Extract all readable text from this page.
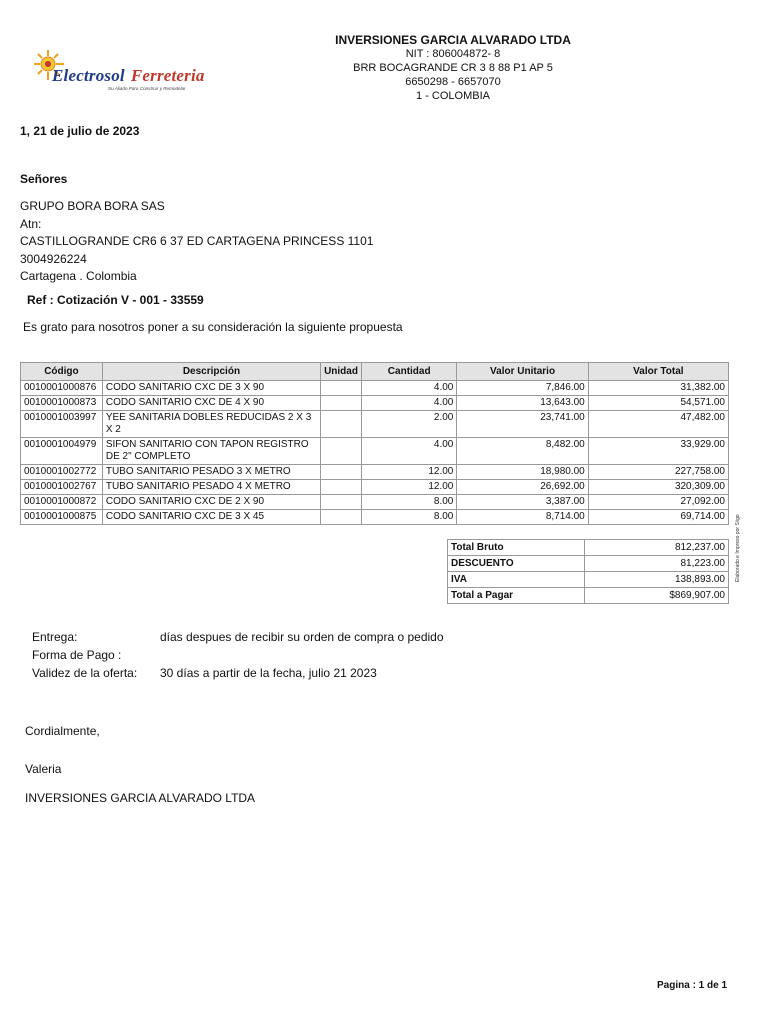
Electrosol Ferreteria
Su Aliado Para Construir y Remodelar
INVERSIONES GARCIA ALVARADO LTDA
NIT : 806004872- 8
BRR BOCAGRANDE CR 3 8 88 P1 AP 5
6650298 - 6657070
1 - COLOMBIA
1, 21 de julio de 2023
Señores
GRUPO BORA BORA SAS
Atn:
CASTILLOGRANDE CR6 6 37 ED CARTAGENA PRINCESS 1101
3004926224
Cartagena . Colombia
Ref : Cotización V - 001 - 33559
Es grato para nosotros poner a su consideración la siguiente propuesta
Código	Descripción	Unidad	Cantidad	Valor Unitario	Valor Total
0010001000876	CODO SANITARIO CXC DE 3 X 90		4.00	7,846.00	31,382.00
0010001000873	CODO SANITARIO CXC DE 4 X 90		4.00	13,643.00	54,571.00
0010001003997	YEE SANITARIA DOBLES REDUCIDAS 2 X 3 X 2		2.00	23,741.00	47,482.00
0010001004979	SIFON SANITARIO CON TAPON REGISTRO DE 2" COMPLETO		4.00	8,482.00	33,929.00
0010001002772	TUBO SANITARIO PESADO 3 X METRO		12.00	18,980.00	227,758.00
0010001002767	TUBO SANITARIO PESADO 4 X METRO		12.00	26,692.00	320,309.00
0010001000872	CODO SANITARIO CXC DE 2 X 90		8.00	3,387.00	27,092.00
0010001000875	CODO SANITARIO CXC DE 3 X 45		8.00	8,714.00	69,714.00
Total Bruto	812,237.00
DESCUENTO	81,223.00
IVA	138,893.00
Total a Pagar	$869,907.00
Elaborado e Impreso por Siigo
Entrega:	días despues de recibir su orden de compra o pedido
Forma de Pago :
Validez de la oferta:	30 días a partir de la fecha, julio 21 2023
Cordialmente,
Valeria
INVERSIONES GARCIA ALVARADO LTDA
Pagina : 1 de 1
